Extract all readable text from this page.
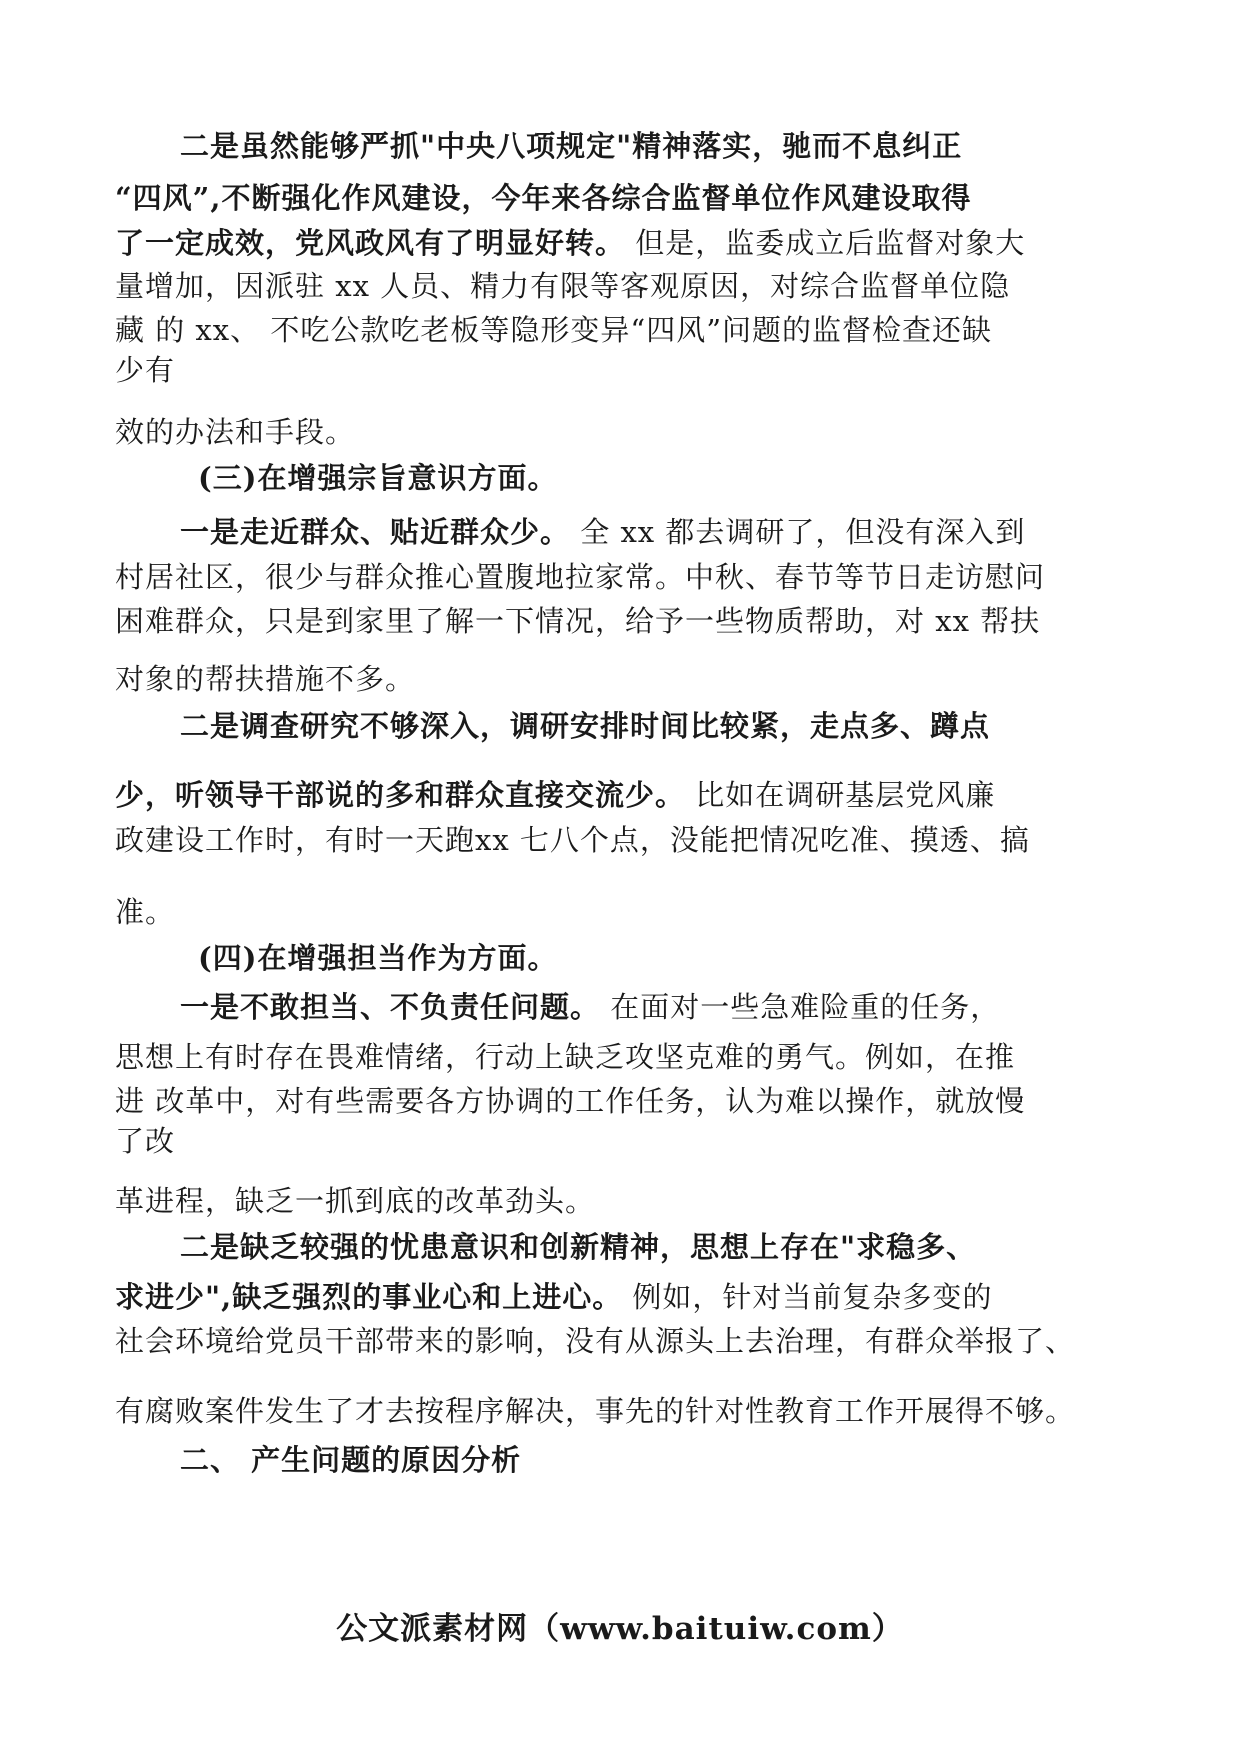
二是虽然能够严抓"中央八项规定"精神落实，驰而不息纠正
“四风”,不断强化作风建设，今年来各综合监督单位作风建设取得
了一定成效，党风政风有了明显好转。 但是，监委成立后监督对象大
量增加，因派驻 xx 人员、精力有限等客观原因，对综合监督单位隐
藏 的 xx、 不吃公款吃老板等隐形变异“四风”问题的监督检查还缺
少有
效的办法和手段。
(三)在增强宗旨意识方面。
一是走近群众、贴近群众少。 全 xx 都去调研了，但没有深入到
村居社区，很少与群众推心置腹地拉家常。中秋、春节等节日走访慰问
困难群众，只是到家里了解一下情况，给予一些物质帮助，对 xx 帮扶
对象的帮扶措施不多。
二是调查研究不够深入，调研安排时间比较紧，走点多、蹲点
少，听领导干部说的多和群众直接交流少。 比如在调研基层党风廉
政建设工作时，有时一天跑xx 七八个点，没能把情况吃准、摸透、搞
准。
(四)在增强担当作为方面。
一是不敢担当、不负责任问题。 在面对一些急难险重的任务，
思想上有时存在畏难情绪，行动上缺乏攻坚克难的勇气。例如，在推
进 改革中，对有些需要各方协调的工作任务，认为难以操作，就放慢
了改
革进程，缺乏一抓到底的改革劲头。
二是缺乏较强的忧患意识和创新精神，思想上存在"求稳多、
求进少",缺乏强烈的事业心和上进心。 例如，针对当前复杂多变的
社会环境给党员干部带来的影响，没有从源头上去治理，有群众举报了、
有腐败案件发生了才去按程序解决，事先的针对性教育工作开展得不够。
二、 产生问题的原因分析
公文派素材网（www.baituiw.com）
